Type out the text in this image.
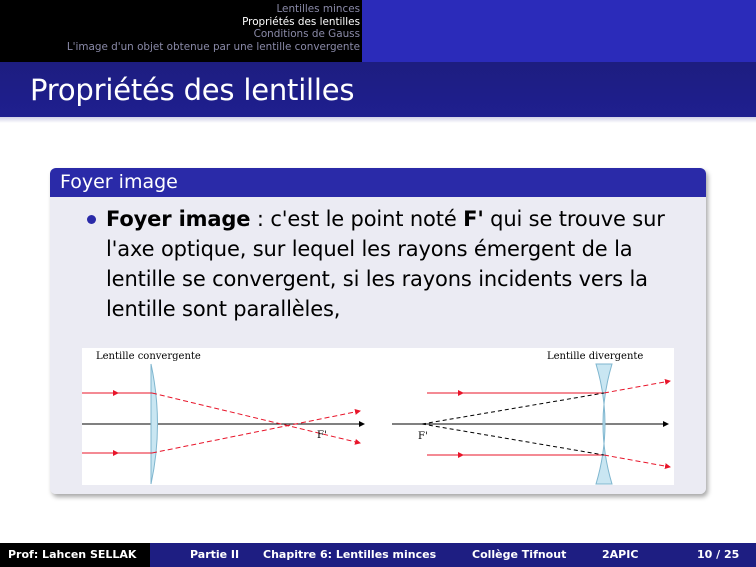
Lentilles minces
Propriétés des lentilles
Conditions de Gauss
L'image d'un objet obtenue par une lentille convergente
Propriétés des lentilles
Foyer image
Foyer image : c'est le point noté F' qui se trouve sur l'axe optique, sur lequel les rayons émergent de la lentille se convergent, si les rayons incidents vers la lentille sont parallèles,
Lentille convergente	Lentille divergente
F'	F'
Prof: Lahcen SELLAK	Partie II Chapitre 6: Lentilles minces	Collège Tifnout	2APIC	10 / 25
